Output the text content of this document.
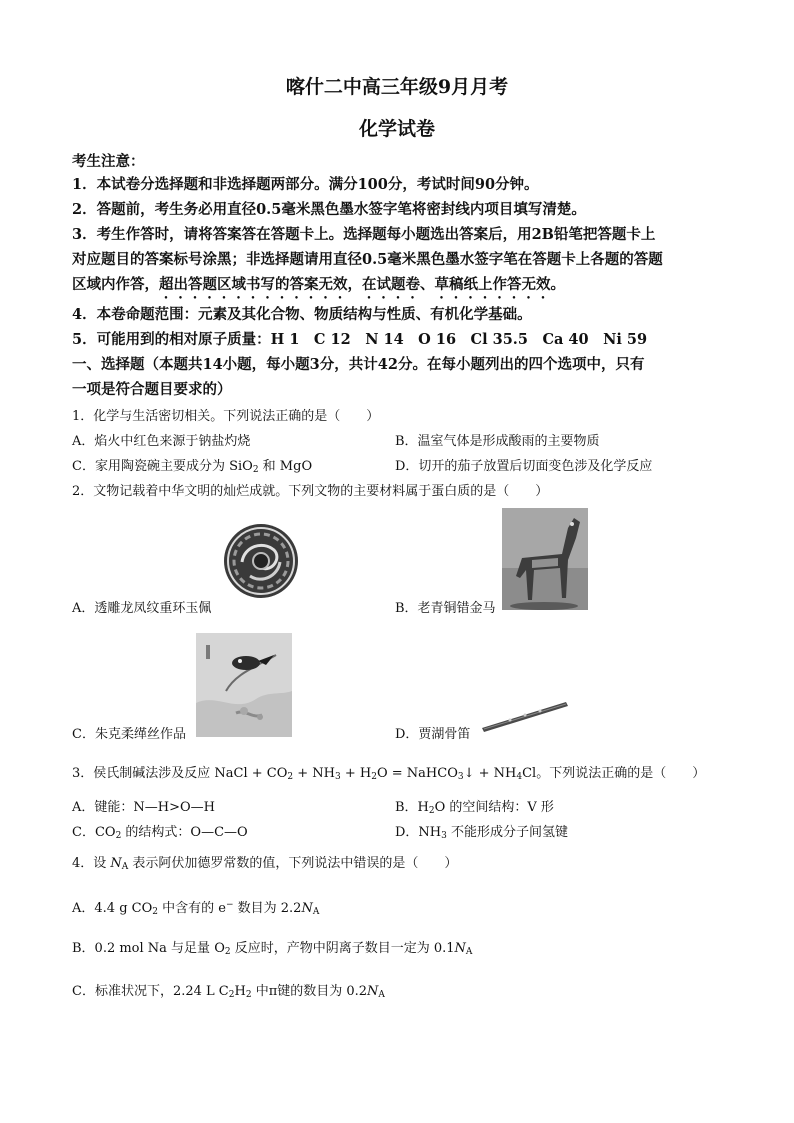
喀什二中高三年级9月月考
化学试卷
考生注意：
1．本试卷分选择题和非选择题两部分。满分100分，考试时间90分钟。
2．答题前，考生务必用直径0.5毫米黑色墨水签字笔将密封线内项目填写清楚。
3．考生作答时，请将答案答在答题卡上。选择题每小题选出答案后，用2B铅笔把答题卡上
对应题目的答案标号涂黑；非选择题请用直径0.5毫米黑色墨水签字笔在答题卡上各题的答题
区域内作答，超出答题区域书写的答案无效，在试题卷、草稿纸上作答无效。
4．本卷命题范围：元素及其化合物、物质结构与性质、有机化学基础。
5．可能用到的相对原子质量：H 1　C 12　N 14　O 16　Cl 35.5　Ca 40　Ni 59
一、选择题（本题共14小题，每小题3分，共计42分。在每小题列出的四个选项中，只有
一项是符合题目要求的）
1．化学与生活密切相关。下列说法正确的是（　　）
A．焰火中红色来源于钠盐灼烧	B．温室气体是形成酸雨的主要物质
C．家用陶瓷碗主要成分为 SiO$_2$ 和 MgO	D．切开的茄子放置后切面变色涉及化学反应
2．文物记载着中华文明的灿烂成就。下列文物的主要材料属于蛋白质的是（　　）
A．透雕龙凤纹重环玉佩	B．老青铜错金马
C．朱克柔缂丝作品	D．贾湖骨笛
3．侯氏制碱法涉及反应 NaCl + $CO_2 + NH_3 + H_2O$ = NaHCO$_3$↓ + $NH_4Cl$。下列说法正确的是（　　）
A．键能：N—H>O—H	B．$H_2O$ 的空间结构：V 形
C．$CO_2$ 的结构式：O—C—O	D．$NH_3$ 不能形成分子间氢键
4．设 $N_A$ 表示阿伏加德罗常数的值，下列说法中错误的是（　　）
A．4.4 g $CO_2$ 中含有的 e− 数目为 $2.2N_A$
B．0.2 mol Na 与足量 $O_2$ 反应时，产物中阴离子数目一定为 $0.1N_A$
C．标准状况下，2.24 L $C_2H_2$ 中π键的数目为 $0.2N_A$
